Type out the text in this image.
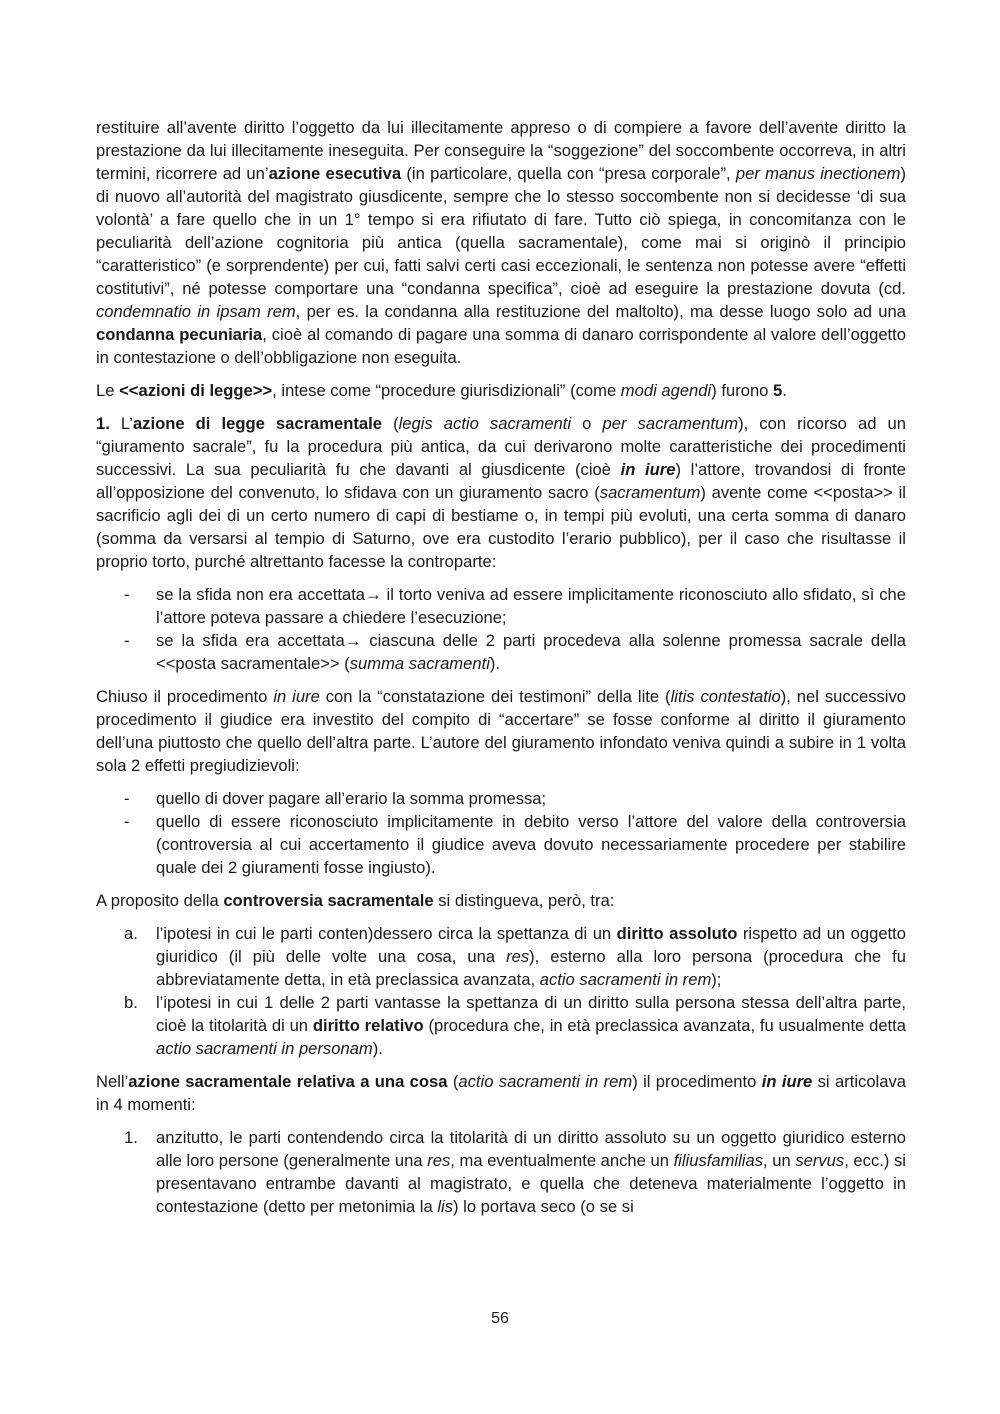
restituire all’avente diritto l’oggetto da lui illecitamente appreso o di compiere a favore dell’avente diritto la prestazione da lui illecitamente ineseguita. Per conseguire la “soggezione” del soccombente occorreva, in altri termini, ricorrere ad un’azione esecutiva (in particolare, quella con “presa corporale”, per manus inectionem) di nuovo all’autorità del magistrato giusdicente, sempre che lo stesso soccombente non si decidesse ‘di sua volontà’ a fare quello che in un 1° tempo si era rifiutato di fare. Tutto ciò spiega, in concomitanza con le peculiarità dell’azione cognitoria più antica (quella sacramentale), come mai si originò il principio “caratteristico” (e sorprendente) per cui, fatti salvi certi casi eccezionali, le sentenza non potesse avere “effetti costitutivi”, né potesse comportare una “condanna specifica”, cioè ad eseguire la prestazione dovuta (cd. condemnatio in ipsam rem, per es. la condanna alla restituzione del maltolto), ma desse luogo solo ad una condanna pecuniaria, cioè al comando di pagare una somma di danaro corrispondente al valore dell’oggetto in contestazione o dell’obbligazione non eseguita.

Le <<azioni di legge>>, intese come “procedure giurisdizionali” (come modi agendi) furono 5.

1. L’azione di legge sacramentale (legis actio sacramenti o per sacramentum), con ricorso ad un “giuramento sacrale”, fu la procedura più antica, da cui derivarono molte caratteristiche dei procedimenti successivi. La sua peculiarità fu che davanti al giusdicente (cioè in iure) l’attore, trovandosi di fronte all’opposizione del convenuto, lo sfidava con un giuramento sacro (sacramentum) avente come <<posta>> il sacrificio agli dei di un certo numero di capi di bestiame o, in tempi più evoluti, una certa somma di danaro (somma da versarsi al tempio di Saturno, ove era custodito l’erario pubblico), per il caso che risultasse il proprio torto, purché altrettanto facesse la controparte:

- se la sfida non era accettata→ il torto veniva ad essere implicitamente riconosciuto allo sfidato, sì che l’attore poteva passare a chiedere l’esecuzione;
- se la sfida era accettata→ ciascuna delle 2 parti procedeva alla solenne promessa sacrale della <<posta sacramentale>> (summa sacramenti).

Chiuso il procedimento in iure con la “constatazione dei testimoni” della lite (litis contestatio), nel successivo procedimento il giudice era investito del compito di “accertare” se fosse conforme al diritto il giuramento dell’una piuttosto che quello dell’altra parte. L’autore del giuramento infondato veniva quindi a subire in 1 volta sola 2 effetti pregiudizievoli:

- quello di dover pagare all’erario la somma promessa;
- quello di essere riconosciuto implicitamente in debito verso l’attore del valore della controversia (controversia al cui accertamento il giudice aveva dovuto necessariamente procedere per stabilire quale dei 2 giuramenti fosse ingiusto).

A proposito della controversia sacramentale si distingueva, però, tra:

a. l’ipotesi in cui le parti conten)dessero circa la spettanza di un diritto assoluto rispetto ad un oggetto giuridico (il più delle volte una cosa, una res), esterno alla loro persona (procedura che fu abbreviatamente detta, in età preclassica avanzata, actio sacramenti in rem);
b. l’ipotesi in cui 1 delle 2 parti vantasse la spettanza di un diritto sulla persona stessa dell’altra parte, cioè la titolarità di un diritto relativo (procedura che, in età preclassica avanzata, fu usualmente detta actio sacramenti in personam).

Nell’azione sacramentale relativa a una cosa (actio sacramenti in rem) il procedimento in iure si articolava in 4 momenti:

1. anzitutto, le parti contendendo circa la titolarità di un diritto assoluto su un oggetto giuridico esterno alle loro persone (generalmente una res, ma eventualmente anche un filiusfamilias, un servus, ecc.) si presentavano entrambe davanti al magistrato, e quella che deteneva materialmente l’oggetto in contestazione (detto per metonimia la lis) lo portava seco (o se si
56
